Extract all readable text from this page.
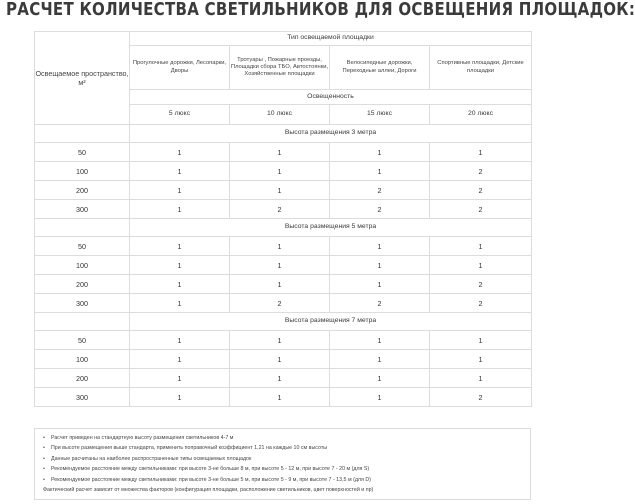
РАСЧЕТ КОЛИЧЕСТВА СВЕТИЛЬНИКОВ ДЛЯ ОСВЕЩЕНИЯ ПЛОЩАДОК:
Освещаемое пространство, м²	Тип освещаемой площадки			
	Прогулочные дорожки, Лесопарки, Дворы	Тротуары , Пожарные проезды, Площадки сбора ТБО, Автостоянки, Хозяйственные площадки	Велосипедные дорожки, Переходные аллеи, Дороги	Спортивные площадки, Детские площадки
	Освещенность			
	5 люкс	10 люкс	15 люкс	20 люкс
	Высота размещения 3 метра			
50	1	1	1	1
100	1	1	1	2
200	1	1	2	2
300	1	2	2	2
	Высота размещения 5 метра			
50	1	1	1	1
100	1	1	1	1
200	1	1	1	2
300	1	2	2	2
	Высота размещения 7 метра			
50	1	1	1	1
100	1	1	1	1
200	1	1	1	1
300	1	1	1	2
• Расчет приведен на стандартную высоту размещения светильников 4-7 м
• При высоте размещения выше стандарта, применить поправочный коэффициент 1,21 на каждые 10 см высоты
• Данные расчитаны на наиболее распространенные типы освещаемых площадок
• Рекомендуемое расстояние между светильниками: при высоте 3-не больше 8 м, при высоте 5 - 12 м, при высоте 7 - 20 м (для S)
• Рекомендуемое расстояние между светильниками: при высоте 3-не больше 5 м, при высоте 5 - 9 м, при высоте 7 - 13,5 м (для D)
Фактический расчет зависит от множества факторов (конфигурация площадки, расположение светильников, цвет поверхностей и пр)
